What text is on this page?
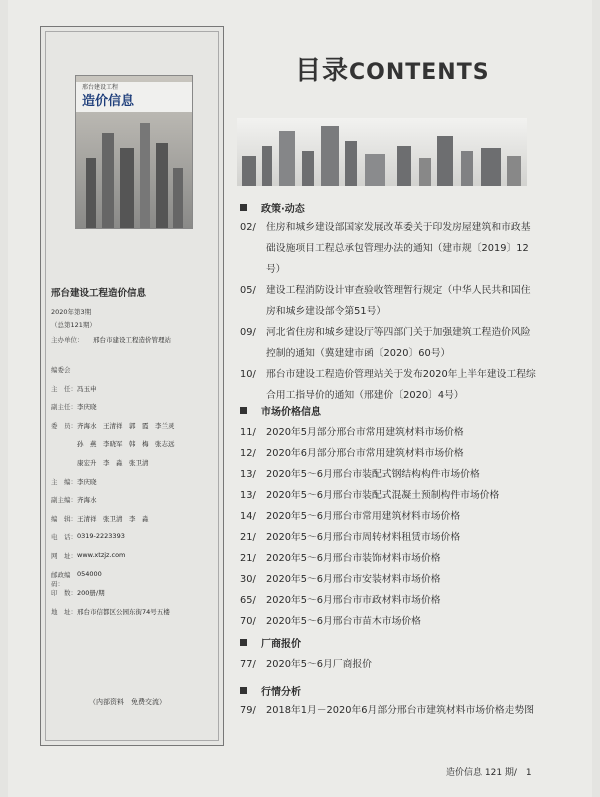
邢台建设工程
造价信息
邢台建设工程造价信息
2020年第3期
（总第121期）
主办单位：	邢台市建设工程造价管理站
编委会
主　任： 冯玉申
副主任： 李庆晓
委　员： 齐海水　王清祥　郭　霞　李兰灵
孙　燕　李晓军　韩　梅　张志远
康宏升　李　淼　张卫清
主　编： 李庆晓
副主编： 齐海水
编　辑： 王清祥　张卫清　李　淼
电　话： 0319-2223393
网　址： www.xtzjz.com
邮政编码：
054000
印　数： 200册/期
地　址： 邢台市信都区公园东街74号五楼
（内部资料　免费交流）
目录CONTENTS
政策·动态
市场价格信息
厂商报价
行情分析
02/	住房和城乡建设部国家发展改革委关于印发房屋建筑和市政基础设施项目工程总承包管理办法的通知（建市规〔2019〕12号）
05/	建设工程消防设计审查验收管理暂行规定（中华人民共和国住房和城乡建设部令第51号）
09/	河北省住房和城乡建设厅等四部门关于加强建筑工程造价风险控制的通知（冀建建市函〔2020〕60号）
10/	邢台市建设工程造价管理站关于发布2020年上半年建设工程综合用工指导价的通知（邢建价〔2020〕4号）
11/	2020年5月部分邢台市常用建筑材料市场价格
12/	2020年6月部分邢台市常用建筑材料市场价格
13/	2020年5～6月邢台市装配式钢结构构件市场价格
13/	2020年5～6月邢台市装配式混凝土预制构件市场价格
14/	2020年5～6月邢台市常用建筑材料市场价格
21/	2020年5～6月邢台市周转材料租赁市场价格
21/	2020年5～6月邢台市装饰材料市场价格
30/	2020年5～6月邢台市安装材料市场价格
65/	2020年5～6月邢台市市政材料市场价格
70/	2020年5～6月邢台市苗木市场价格
77/	2020年5～6月厂商报价
79/	2018年1月－2020年6月部分邢台市建筑材料市场价格走势图
造价信息 121 期/　1
